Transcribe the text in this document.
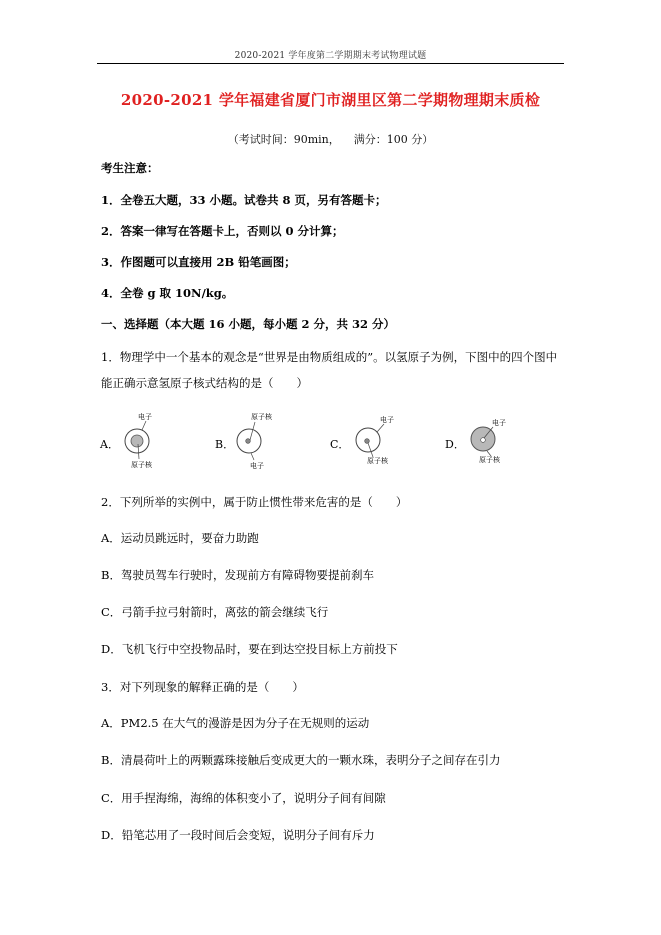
2020-2021 学年度第二学期期末考试物理试题
2020-2021 学年福建省厦门市湖里区第二学期物理期末质检
（考试时间：90min， 满分：100 分）
考生注意：
1．全卷五大题，33 小题。试卷共 8 页，另有答题卡；
2．答案一律写在答题卡上，否则以 0 分计算；
3．作图题可以直接用 2B 铅笔画图；
4．全卷 g 取 10N/kg。
一、选择题（本大题 16 小题，每小题 2 分，共 32 分）
1．物理学中一个基本的观念是“世界是由物质组成的”。以氢原子为例，下图中的四个图中
能正确示意氢原子核式结构的是（　　）
A．
电子
原子核
B．
原子核
电子
C．
电子
原子核
D．
电子
原子核
2．下列所举的实例中，属于防止惯性带来危害的是（　　）
A．运动员跳远时，要奋力助跑
B．驾驶员驾车行驶时，发现前方有障碍物要提前刹车
C．弓箭手拉弓射箭时，离弦的箭会继续飞行
D．飞机飞行中空投物品时，要在到达空投目标上方前投下
3．对下列现象的解释正确的是（　　）
A．PM2.5 在大气的漫游是因为分子在无规则的运动
B．清晨荷叶上的两颗露珠接触后变成更大的一颗水珠，表明分子之间存在引力
C．用手捏海绵，海绵的体积变小了，说明分子间有间隙
D．铅笔芯用了一段时间后会变短，说明分子间有斥力
